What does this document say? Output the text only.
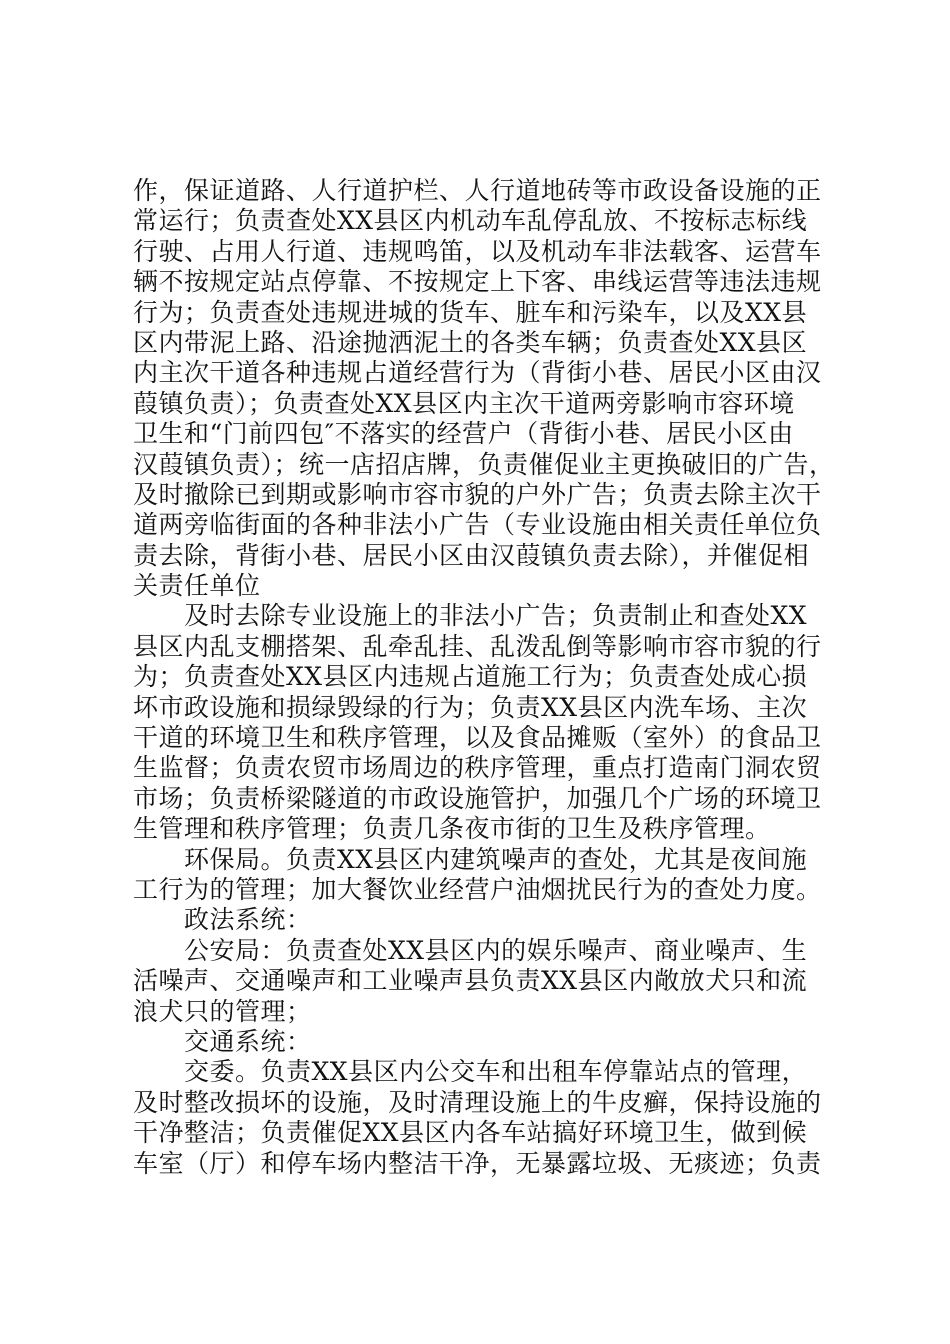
作，保证道路、人行道护栏、人行道地砖等市政设备设施的正
常运行；负责查处XX县区内机动车乱停乱放、不按标志标线
行驶、占用人行道、违规鸣笛，以及机动车非法载客、运营车
辆不按规定站点停靠、不按规定上下客、串线运营等违法违规
行为；负责查处违规进城的货车、脏车和污染车，以及XX县
区内带泥上路、沿途抛洒泥土的各类车辆；负责查处XX县区
内主次干道各种违规占道经营行为（背街小巷、居民小区由汉
葭镇负责）；负责查处XX县区内主次干道两旁影响市容环境
卫生和“门前四包″不落实的经营户（背街小巷、居民小区由
汉葭镇负责）；统一店招店牌，负责催促业主更换破旧的广告，
及时撤除已到期或影响市容市貌的户外广告；负责去除主次干
道两旁临街面的各种非法小广告（专业设施由相关责任单位负
责去除，背街小巷、居民小区由汉葭镇负责去除），并催促相
关责任单位
及时去除专业设施上的非法小广告；负责制止和查处XX
县区内乱支棚搭架、乱牵乱挂、乱泼乱倒等影响市容市貌的行
为；负责查处XX县区内违规占道施工行为；负责查处成心损
坏市政设施和损绿毁绿的行为；负责XX县区内洗车场、主次
干道的环境卫生和秩序管理，以及食品摊贩（室外）的食品卫
生监督；负责农贸市场周边的秩序管理，重点打造南门洞农贸
市场；负责桥梁隧道的市政设施管护，加强几个广场的环境卫
生管理和秩序管理；负责几条夜市街的卫生及秩序管理。
环保局。负责XX县区内建筑噪声的查处，尤其是夜间施
工行为的管理；加大餐饮业经营户油烟扰民行为的查处力度。
政法系统：
公安局：负责查处XX县区内的娱乐噪声、商业噪声、生
活噪声、交通噪声和工业噪声县负责XX县区内敞放犬只和流
浪犬只的管理；
交通系统：
交委。负责XX县区内公交车和出租车停靠站点的管理，
及时整改损坏的设施，及时清理设施上的牛皮癣，保持设施的
干净整洁；负责催促XX县区内各车站搞好环境卫生，做到候
车室（厅）和停车场内整洁干净，无暴露垃圾、无痰迹；负责
